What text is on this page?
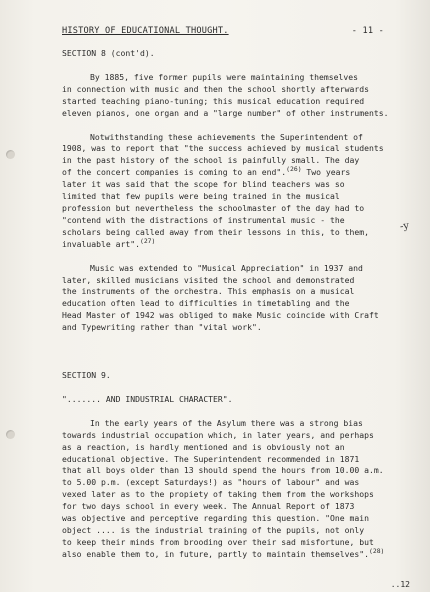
HISTORY OF EDUCATIONAL THOUGHT.	- 11 -
SECTION 8 (cont'd).
By 1885, five former pupils were maintaining themselves
in connection with music and then the school shortly afterwards
started teaching piano-tuning; this musical education required
eleven pianos, one organ and a "large number" of other instruments.
Notwithstanding these achievements the Superintendent of
1908, was to report that "the success achieved by musical students
in the past history of the school is painfully small. The day
of the concert companies is coming to an end".$^{(26)}$ Two years
later it was said that the scope for blind teachers was so
limited that few pupils were being trained in the musical
profession but nevertheless the schoolmaster of the day had to
"contend with the distractions of instrumental music - the
scholars being called away from their lessons in this, to them,
invaluable art".$^{(27)}$
Music was extended to "Musical Appreciation" in 1937 and
later, skilled musicians visited the school and demonstrated
the instruments of the orchestra. This emphasis on a musical
education often lead to difficulties in timetabling and the
Head Master of 1942 was obliged to make Music coincide with Craft
and Typewriting rather than "vital work".
SECTION 9.
"....... AND INDUSTRIAL CHARACTER".
In the early years of the Asylum there was a strong bias
towards industrial occupation which, in later years, and perhaps
as a reaction, is hardly mentioned and is obviously not an
educational objective. The Superintendent recommended in 1871
that all boys older than 13 should spend the hours from 10.00 a.m.
to 5.00 p.m. (except Saturdays!) as "hours of labour" and was
vexed later as to the propiety of taking them from the workshops
for two days school in every week. The Annual Report of 1873
was objective and perceptive regarding this question. "One main
object .... is the industrial training of the pupils, not only
to keep their minds from brooding over their sad misfortune, but
also enable them to, in future, partly to maintain themselves".$^{(28)}$
-y
..12
